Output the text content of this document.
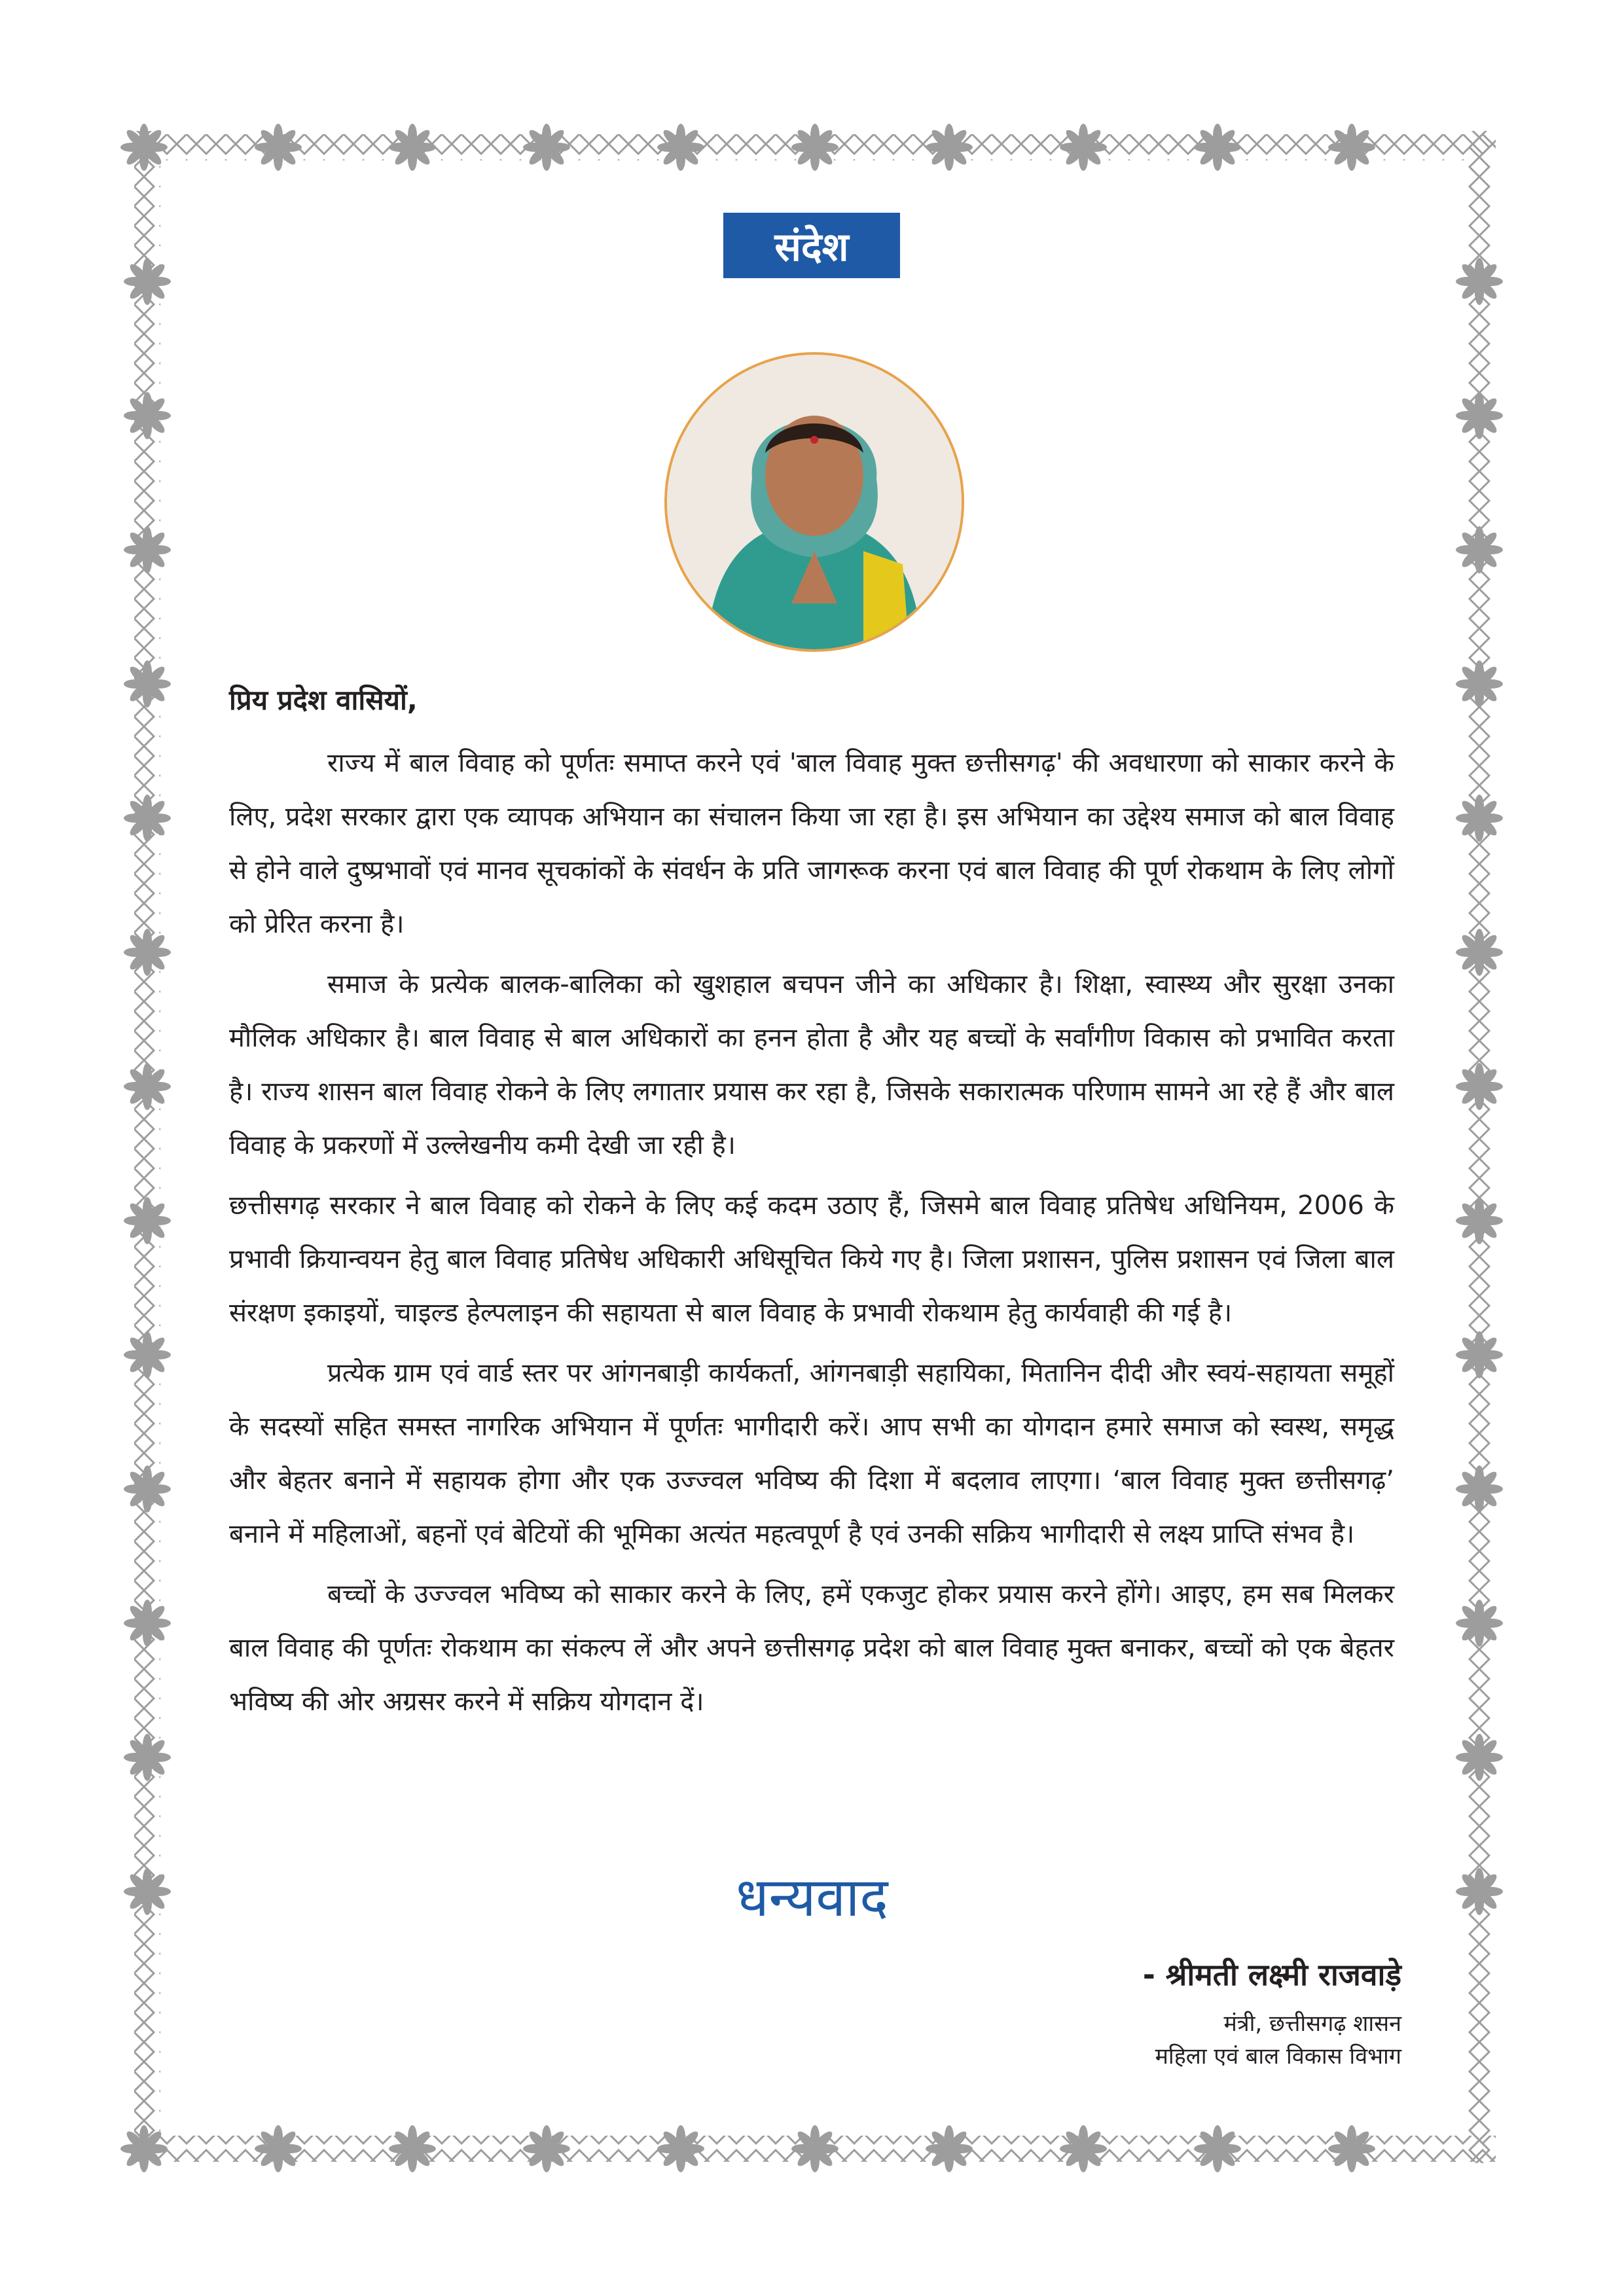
संदेश
प्रिय प्रदेश वासियों,

राज्य में बाल विवाह को पूर्णतः समाप्त करने एवं 'बाल विवाह मुक्त छत्तीसगढ़' की अवधारणा को साकार करने के लिए, प्रदेश सरकार द्वारा एक व्यापक अभियान का संचालन किया जा रहा है। इस अभियान का उद्देश्य समाज को बाल विवाह से होने वाले दुष्प्रभावों एवं मानव सूचकांकों के संवर्धन के प्रति जागरूक करना एवं बाल विवाह की पूर्ण रोकथाम के लिए लोगों को प्रेरित करना है।

समाज के प्रत्येक बालक-बालिका को खुशहाल बचपन जीने का अधिकार है। शिक्षा, स्वास्थ्य और सुरक्षा उनका मौलिक अधिकार है। बाल विवाह से बाल अधिकारों का हनन होता है और यह बच्चों के सर्वांगीण विकास को प्रभावित करता है। राज्य शासन बाल विवाह रोकने के लिए लगातार प्रयास कर रहा है, जिसके सकारात्मक परिणाम सामने आ रहे हैं और बाल विवाह के प्रकरणों में उल्लेखनीय कमी देखी जा रही है।

छत्तीसगढ़ सरकार ने बाल विवाह को रोकने के लिए कई कदम उठाए हैं, जिसमे बाल विवाह प्रतिषेध अधिनियम, 2006 के प्रभावी क्रियान्वयन हेतु बाल विवाह प्रतिषेध अधिकारी अधिसूचित किये गए है। जिला प्रशासन, पुलिस प्रशासन एवं जिला बाल संरक्षण इकाइयों, चाइल्ड हेल्पलाइन की सहायता से बाल विवाह के प्रभावी रोकथाम हेतु कार्यवाही की गई है।

प्रत्येक ग्राम एवं वार्ड स्तर पर आंगनबाड़ी कार्यकर्ता, आंगनबाड़ी सहायिका, मितानिन दीदी और स्वयं-सहायता समूहों के सदस्यों सहित समस्त नागरिक अभियान में पूर्णतः भागीदारी करें। आप सभी का योगदान हमारे समाज को स्वस्थ, समृद्ध और बेहतर बनाने में सहायक होगा और एक उज्ज्वल भविष्य की दिशा में बदलाव लाएगा। ‘बाल विवाह मुक्त छत्तीसगढ़’ बनाने में महिलाओं, बहनों एवं बेटियों की भूमिका अत्यंत महत्वपूर्ण है एवं उनकी सक्रिय भागीदारी से लक्ष्य प्राप्ति संभव है।

बच्चों के उज्ज्वल भविष्य को साकार करने के लिए, हमें एकजुट होकर प्रयास करने होंगे। आइए, हम सब मिलकर बाल विवाह की पूर्णतः रोकथाम का संकल्प लें और अपने छत्तीसगढ़ प्रदेश को बाल विवाह मुक्त बनाकर, बच्चों को एक बेहतर भविष्य की ओर अग्रसर करने में सक्रिय योगदान दें।

धन्यवाद
- श्रीमती लक्ष्मी राजवाड़े
मंत्री, छत्तीसगढ़ शासन
महिला एवं बाल विकास विभाग
